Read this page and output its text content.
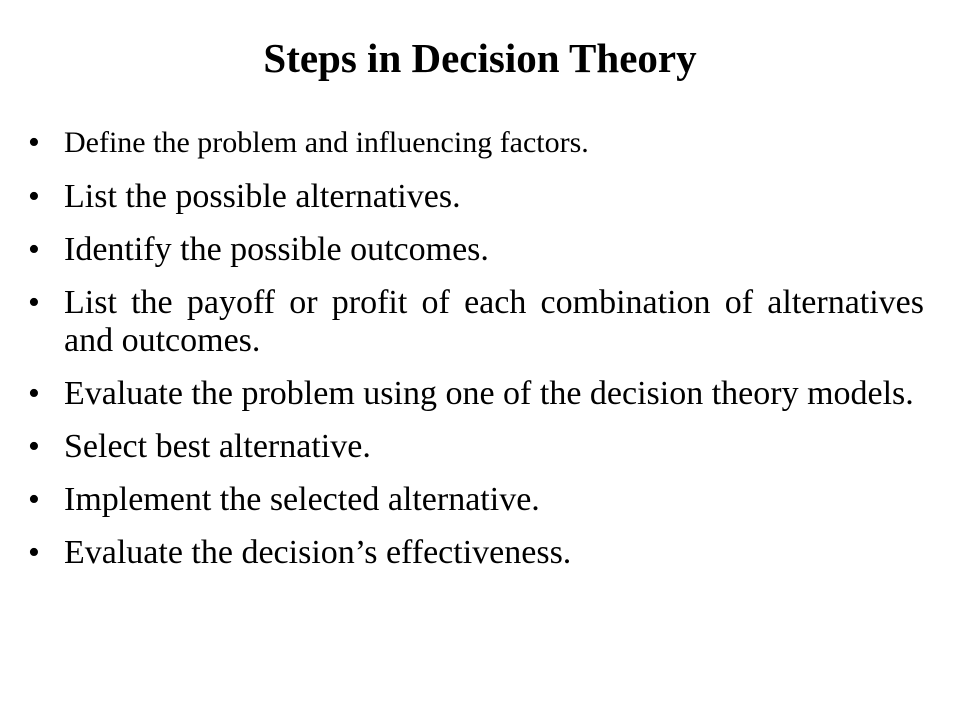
Steps in Decision Theory
• Define the problem and influencing factors.
• List the possible alternatives.
• Identify the possible outcomes.
• List the payoff or profit of each combination of alternatives and outcomes.
• Evaluate the problem using one of the decision theory models.
• Select best alternative.
• Implement the selected alternative.
• Evaluate the decision’s effectiveness.
